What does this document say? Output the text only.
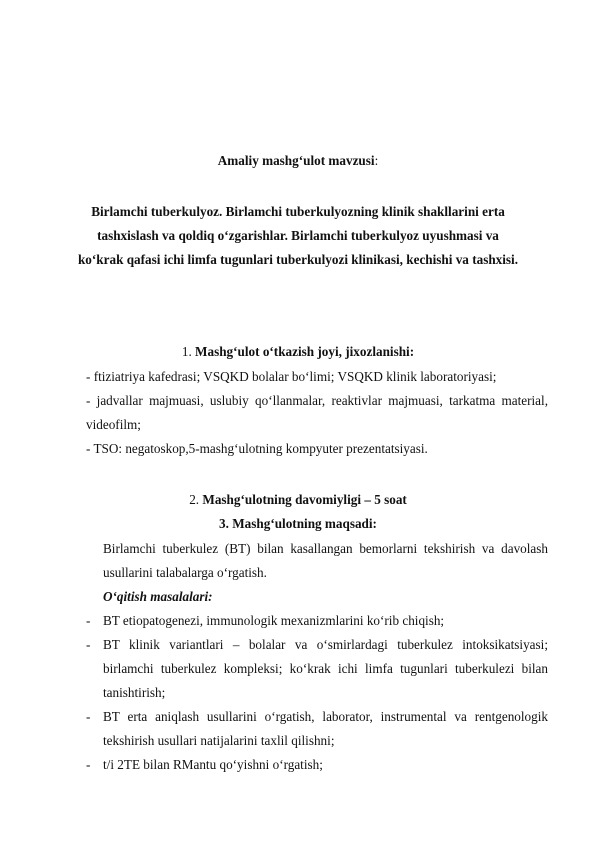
Amaliy mashg‘ulot mavzusi:
Birlamchi tuberkulyoz. Birlamchi tuberkulyozning klinik shakllarini erta
tashxislash va qoldiq o‘zgarishlar. Birlamchi tuberkulyoz uyushmasi va
ko‘krak qafasi ichi limfa tugunlari tuberkulyozi klinikasi, kechishi va tashxisi.
1. Mashg‘ulot o‘tkazish joyi, jixozlanishi:
- ftiziatriya kafedrasi; VSQKD bolalar bo‘limi; VSQKD klinik laboratoriyasi;
- jadvallar majmuasi, uslubiy qo‘llanmalar, reaktivlar majmuasi, tarkatma material,
videofilm;
- TSO: negatoskop,5-mashg‘ulotning kompyuter prezentatsiyasi.
2. Mashg‘ulotning davomiyligi – 5 soat
3. Mashg‘ulotning maqsadi:
Birlamchi tuberkulez (BT) bilan kasallangan bemorlarni tekshirish va davolash
usullarini talabalarga o‘rgatish.
O‘qitish masalalari:
- BT etiopatogenezi, immunologik mexanizmlarini ko‘rib chiqish;
- BT klinik variantlari – bolalar va o‘smirlardagi tuberkulez intoksikatsiyasi;
birlamchi tuberkulez kompleksi; ko‘krak ichi limfa tugunlari tuberkulezi bilan
tanishtirish;
- BT erta aniqlash usullarini o‘rgatish, laborator, instrumental va rentgenologik
tekshirish usullari natijalarini taxlil qilishni;
- t/i 2TE bilan RMantu qo‘yishni o‘rgatish;
